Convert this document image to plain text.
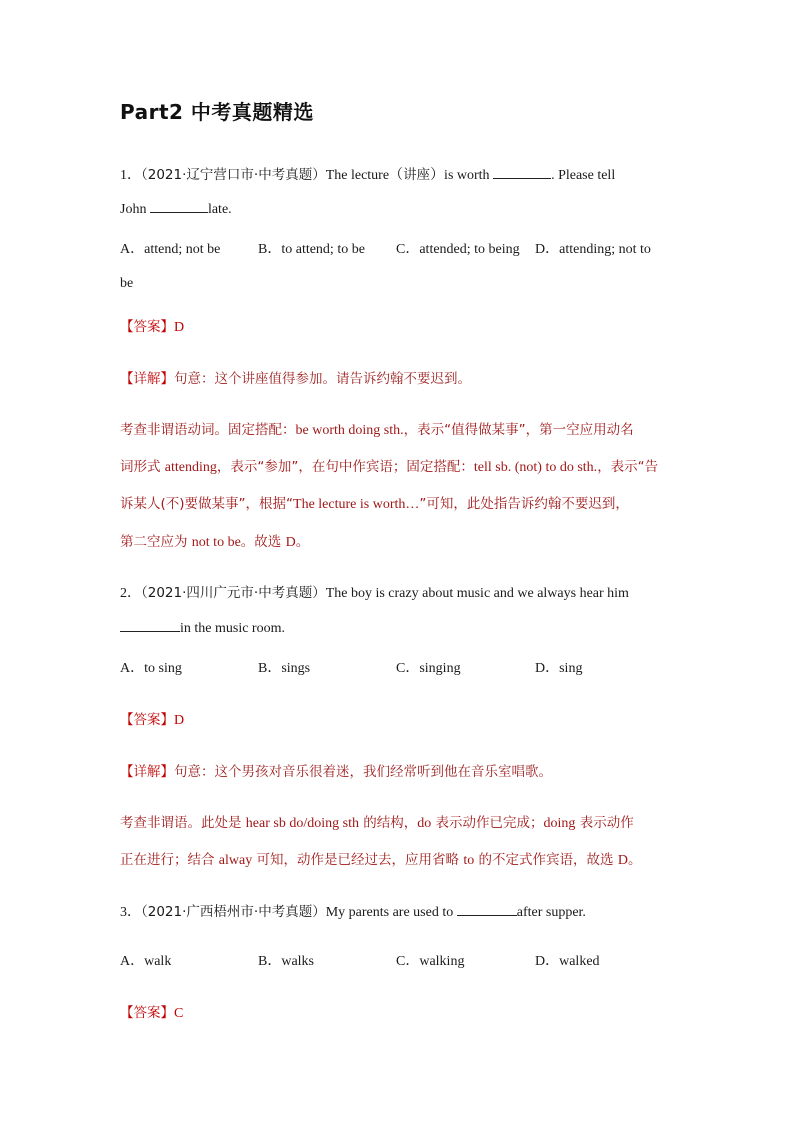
Part2 中考真题精选
1．（2021·辽宁营口市·中考真题）The lecture（讲座）is worth	. Please tell
John	late.
A．attend; not be	B．to attend; to be C．attended; to being D．attending; not to
be
【答案】D
【详解】句意：这个讲座值得参加。请告诉约翰不要迟到。
考查非谓语动词。固定搭配：be worth doing sth.，表示“值得做某事”，第一空应用动名
词形式 attending，表示“参加”，在句中作宾语；固定搭配：tell sb. (not) to do sth.，表示“告
诉某人(不)要做某事”，根据“The lecture is worth…”可知，此处指告诉约翰不要迟到，
第二空应为 not to be。故选 D。
2．（2021·四川广元市·中考真题）The boy is crazy about music and we always hear him
in the music room.
A．to sing	B．sings	C．singing	D．sing
【答案】D
【详解】句意：这个男孩对音乐很着迷，我们经常听到他在音乐室唱歌。
考查非谓语。此处是 hear sb do/doing sth 的结构，do 表示动作已完成；doing 表示动作
正在进行；结合 alway 可知，动作是已经过去，应用省略 to 的不定式作宾语，故选 D。
3．（2021·广西梧州市·中考真题）My parents are used to	after supper.
A．walk	B．walks	C．walking	D．walked
【答案】C
